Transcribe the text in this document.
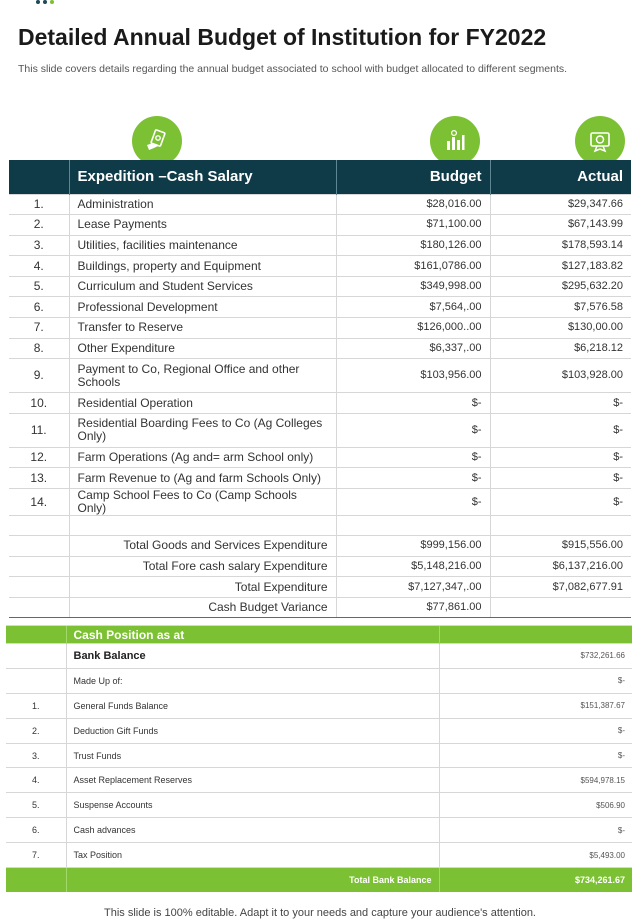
Detailed Annual Budget of Institution for FY2022

This slide covers details regarding the annual budget associated to school with budget allocated to different segments.

	Expedition –Cash Salary	Budget	Actual
1.	Administration	$28,016.00	$29,347.66
2.	Lease Payments	$71,100.00	$67,143.99
3.	Utilities, facilities maintenance	$180,126.00	$178,593.14
4.	Buildings, property and Equipment	$161,0786.00	$127,183.82
5.	Curriculum and Student Services	$349,998.00	$295,632.20
6.	Professional Development	$7,564,.00	$7,576.58
7.	Transfer to Reserve	$126,000..00	$130,00.00
8.	Other Expenditure	$6,337,.00	$6,218.12
9.	Payment to Co, Regional Office and other Schools	$103,956.00	$103,928.00
10.	Residential Operation	$-	$-
11.	Residential Boarding Fees to Co (Ag Colleges Only)	$-	$-
12.	Farm Operations (Ag and= arm School only)	$-	$-
13.	Farm Revenue to (Ag and farm Schools Only)	$-	$-
14.	Camp School Fees to Co (Camp Schools Only)	$-	$-

	Total Goods and Services Expenditure	$999,156.00	$915,556.00
	Total Fore cash salary Expenditure	$5,148,216.00	$6,137,216.00
	Total Expenditure	$7,127,347,.00	$7,082,677.91
	Cash Budget Variance	$77,861.00	
	Cash Position as at	
	Bank Balance	$732,261.66
	Made Up of:	$-
1.	General Funds Balance	$151,387.67
2.	Deduction Gift Funds	$-
3.	Trust Funds	$-
4.	Asset Replacement Reserves	$594,978.15
5.	Suspense Accounts	$506.90
6.	Cash advances	$-
7.	Tax Position	$5,493.00
	Total Bank Balance	$734,261.67

This slide is 100% editable. Adapt it to your needs and capture your audience's attention.
